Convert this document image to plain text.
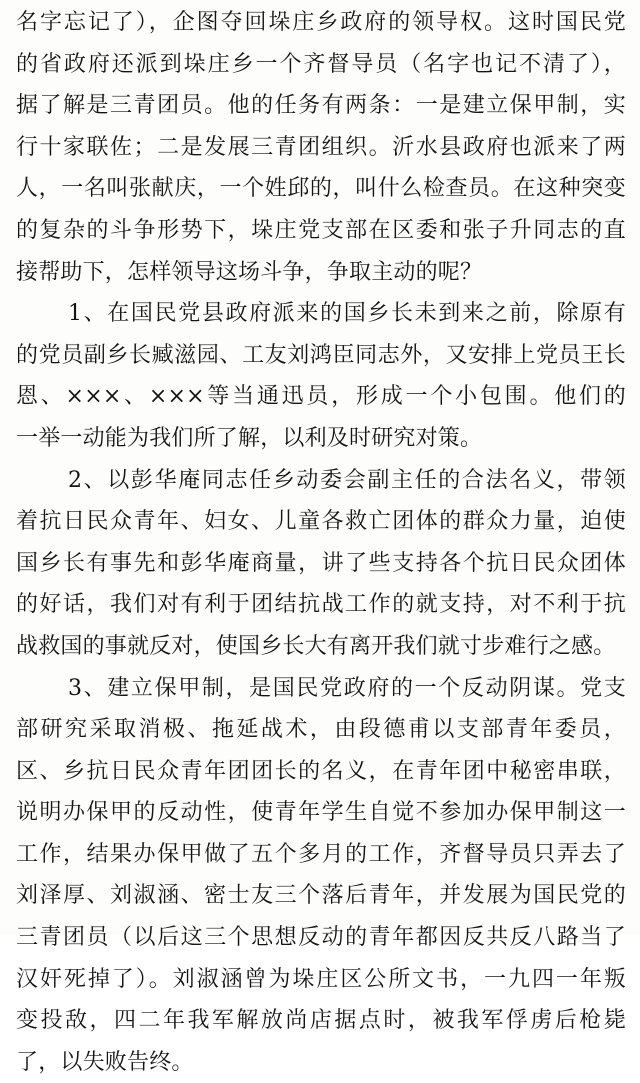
名字忘记了），企图夺回垛庄乡政府的领导权。这时国民党
的省政府还派到垛庄乡一个齐督导员（名字也记不清了），
据了解是三青团员。他的任务有两条：一是建立保甲制，实
行十家联佐；二是发展三青团组织。沂水县政府也派来了两
人，一名叫张献庆，一个姓邱的，叫什么检查员。在这种突变
的复杂的斗争形势下，垛庄党支部在区委和张子升同志的直
接帮助下，怎样领导这场斗争，争取主动的呢？
1、在国民党县政府派来的国乡长未到来之前，除原有
的党员副乡长臧滋园、工友刘鸿臣同志外，又安排上党员王长
恩、×××、×××等当通迅员，形成一个小包围。他们的
一举一动能为我们所了解，以利及时研究对策。
2、以彭华庵同志任乡动委会副主任的合法名义，带领
着抗日民众青年、妇女、儿童各救亡团体的群众力量，迫使
国乡长有事先和彭华庵商量，讲了些支持各个抗日民众团体
的好话，我们对有利于团结抗战工作的就支持，对不利于抗
战救国的事就反对，使国乡长大有离开我们就寸步难行之感。
3、建立保甲制，是国民党政府的一个反动阴谋。党支
部研究采取消极、拖延战术，由段德甫以支部青年委员，
区、乡抗日民众青年团团长的名义，在青年团中秘密串联，
说明办保甲的反动性，使青年学生自觉不参加办保甲制这一
工作，结果办保甲做了五个多月的工作，齐督导员只弄去了
刘泽厚、刘淑涵、密士友三个落后青年，并发展为国民党的
三青团员（以后这三个思想反动的青年都因反共反八路当了
汉奸死掉了）。刘淑涵曾为垛庄区公所文书，一九四一年叛
变投敌，四二年我军解放尚店据点时，被我军俘虏后枪毙
了，以失败告终。
